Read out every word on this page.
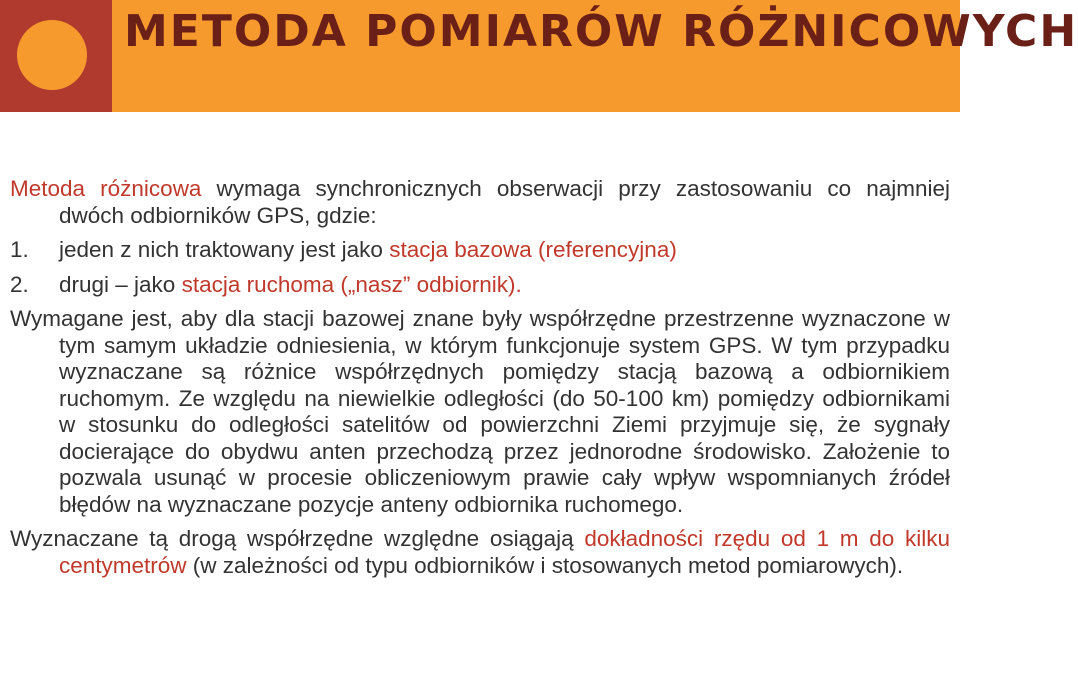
METODA POMIARÓW RÓŻNICOWYCH

Metoda różnicowa wymaga synchronicznych obserwacji przy zastosowaniu co najmniej dwóch odbiorników GPS, gdzie:

1.	jeden z nich traktowany jest jako stacja bazowa (referencyjna)

2.	drugi – jako stacja ruchoma („nasz” odbiornik).

Wymagane jest, aby dla stacji bazowej znane były współrzędne przestrzenne wyznaczone w tym samym układzie odniesienia, w którym funkcjonuje system GPS. W tym przypadku wyznaczane są różnice współrzędnych pomiędzy stacją bazową a odbiornikiem ruchomym. Ze względu na niewielkie odległości (do 50-100 km) pomiędzy odbiornikami w stosunku do odległości satelitów od powierzchni Ziemi przyjmuje się, że sygnały docierające do obydwu anten przechodzą przez jednorodne środowisko. Założenie to pozwala usunąć w procesie obliczeniowym prawie cały wpływ wspomnianych źródeł błędów na wyznaczane pozycje anteny odbiornika ruchomego.

Wyznaczane tą drogą współrzędne względne osiągają dokładności rzędu od 1 m do kilku centymetrów (w zależności od typu odbiorników i stosowanych metod pomiarowych).
